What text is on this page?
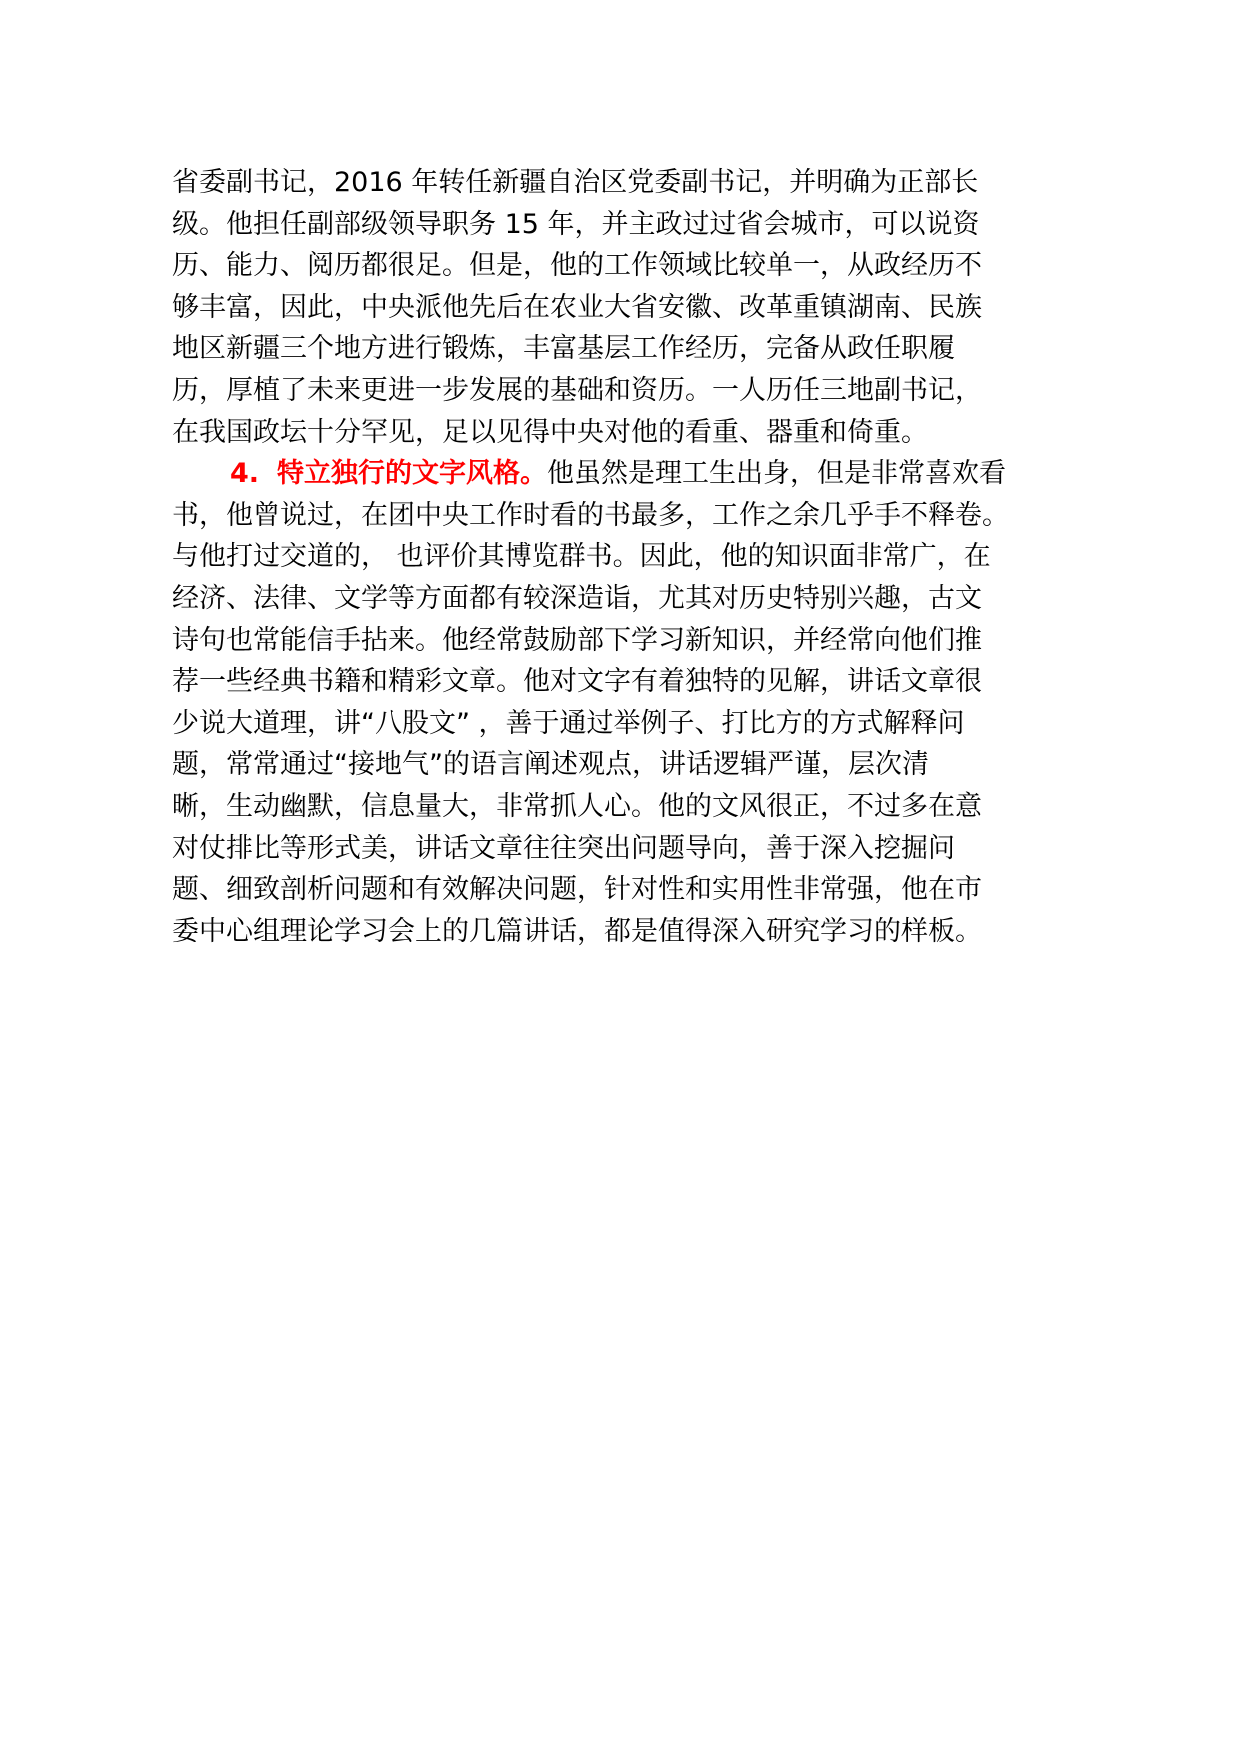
省委副书记，2016 年转任新疆自治区党委副书记，并明确为正部长
级。他担任副部级领导职务 15 年，并主政过过省会城市，可以说资
历、能力、阅历都很足。但是，他的工作领域比较单一，从政经历不
够丰富，因此，中央派他先后在农业大省安徽、改革重镇湖南、民族
地区新疆三个地方进行锻炼，丰富基层工作经历，完备从政任职履
历，厚植了未来更进一步发展的基础和资历。一人历任三地副书记，
在我国政坛十分罕见，足以见得中央对他的看重、器重和倚重。
4. 特立独行的文字风格。他虽然是理工生出身，但是非常喜欢看
书，他曾说过，在团中央工作时看的书最多，工作之余几乎手不释卷。
与他打过交道的， 也评价其博览群书。因此，他的知识面非常广，在
经济、法律、文学等方面都有较深造诣，尤其对历史特别兴趣，古文
诗句也常能信手拈来。他经常鼓励部下学习新知识，并经常向他们推
荐一些经典书籍和精彩文章。他对文字有着独特的见解，讲话文章很
少说大道理，讲“八股文” ，善于通过举例子、打比方的方式解释问
题，常常通过“接地气”的语言阐述观点，讲话逻辑严谨，层次清
晰，生动幽默，信息量大，非常抓人心。他的文风很正，不过多在意
对仗排比等形式美，讲话文章往往突出问题导向，善于深入挖掘问
题、细致剖析问题和有效解决问题，针对性和实用性非常强，他在市
委中心组理论学习会上的几篇讲话，都是值得深入研究学习的样板。
